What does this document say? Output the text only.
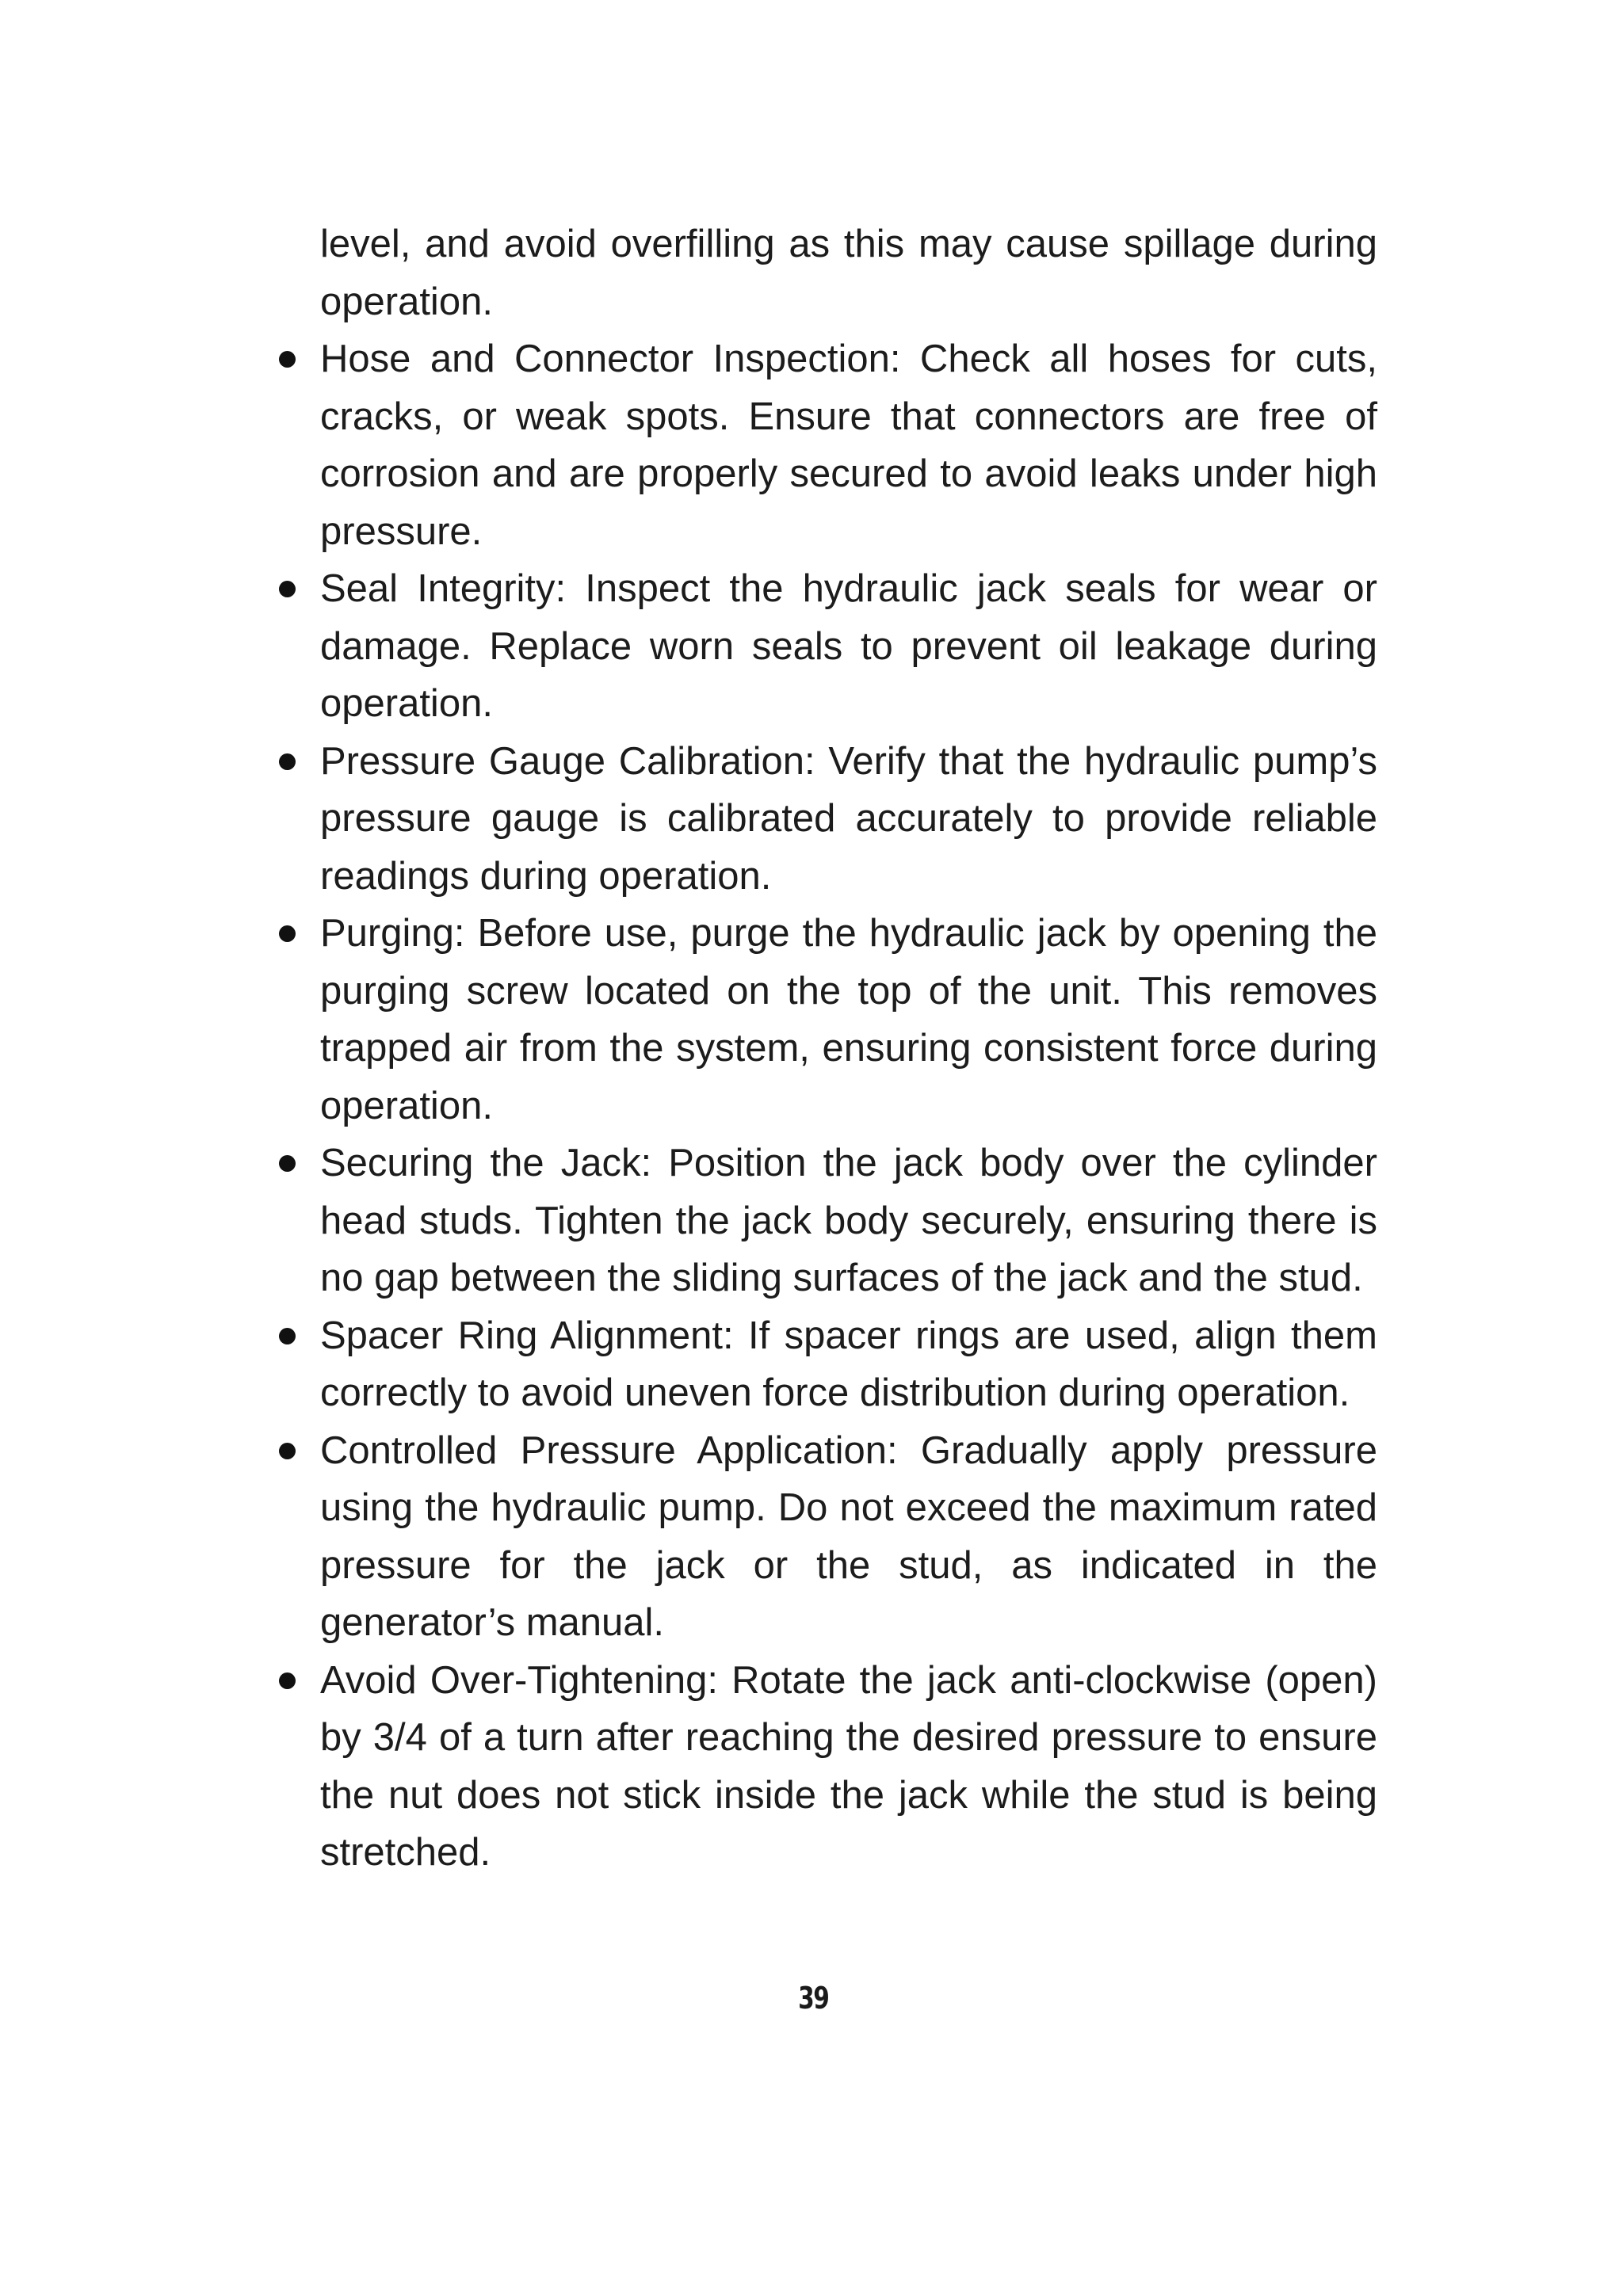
level, and avoid overfilling as this may cause spillage during operation.

Hose and Connector Inspection: Check all hoses for cuts, cracks, or weak spots. Ensure that connectors are free of corrosion and are properly secured to avoid leaks under high pressure.
Seal Integrity: Inspect the hydraulic jack seals for wear or damage. Replace worn seals to prevent oil leakage during operation.
Pressure Gauge Calibration: Verify that the hydraulic pump’s pressure gauge is calibrated accurately to provide reliable readings during operation.
Purging: Before use, purge the hydraulic jack by opening the purging screw located on the top of the unit. This removes trapped air from the system, ensuring consistent force during operation.
Securing the Jack: Position the jack body over the cylinder head studs. Tighten the jack body securely, ensuring there is no gap between the sliding surfaces of the jack and the stud.
Spacer Ring Alignment: If spacer rings are used, align them correctly to avoid uneven force distribution during operation.
Controlled Pressure Application: Gradually apply pressure using the hydraulic pump. Do not exceed the maximum rated pressure for the jack or the stud, as indicated in the generator’s manual.
Avoid Over-Tightening: Rotate the jack anti-clockwise (open) by 3/4 of a turn after reaching the desired pressure to ensure the nut does not stick inside the jack while the stud is being stretched.
39
